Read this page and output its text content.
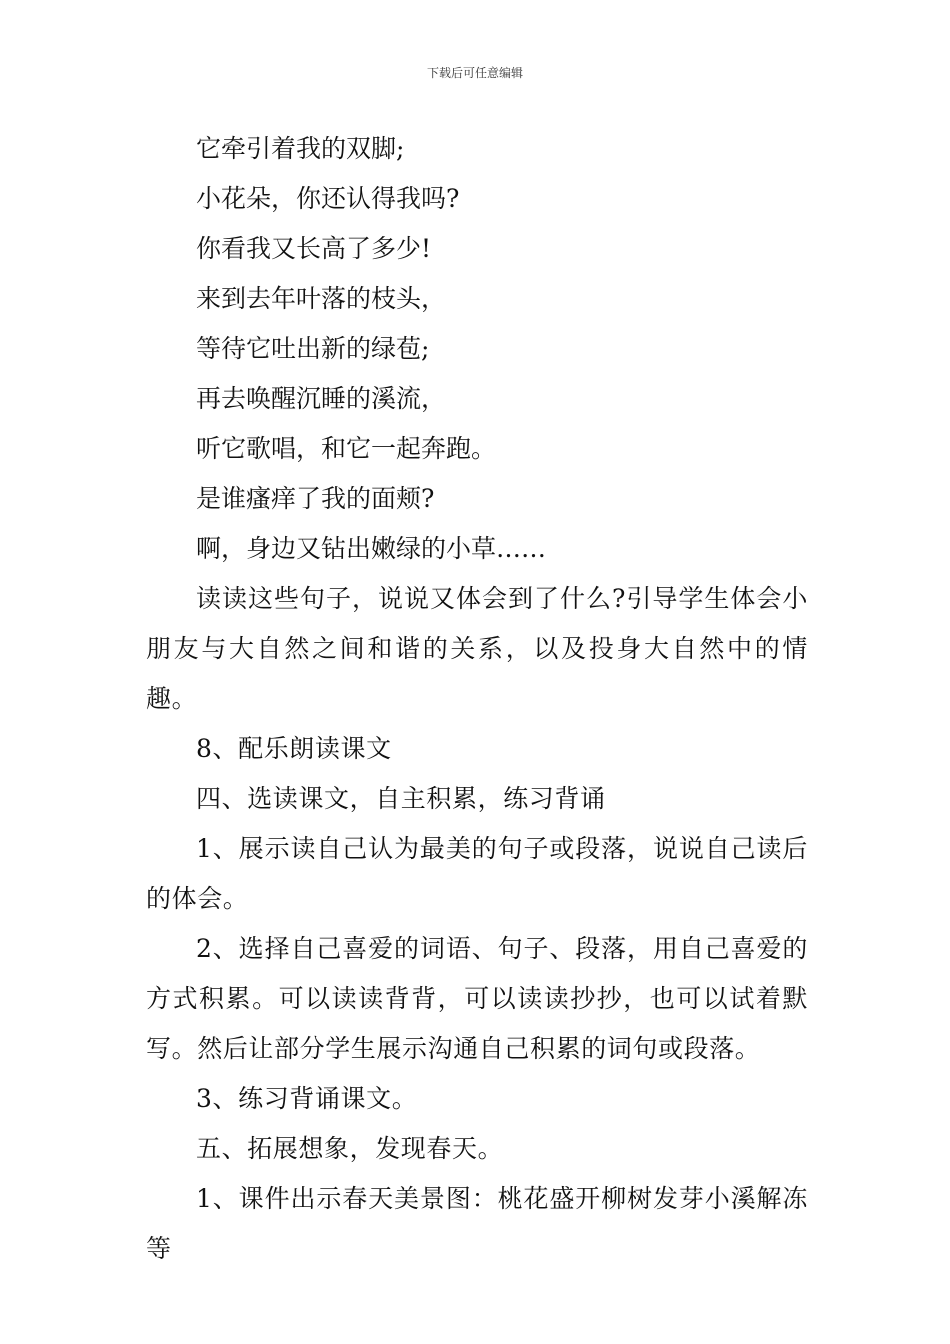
下载后可任意编辑
它牵引着我的双脚;
小花朵，你还认得我吗?
你看我又长高了多少!
来到去年叶落的枝头，
等待它吐出新的绿苞;
再去唤醒沉睡的溪流，
听它歌唱，和它一起奔跑。
是谁瘙痒了我的面颊?
啊，身边又钻出嫩绿的小草……
读读这些句子，说说又体会到了什么?引导学生体会小朋友与大自然之间和谐的关系，以及投身大自然中的情趣。
8、配乐朗读课文
四、选读课文，自主积累，练习背诵
1、展示读自己认为最美的句子或段落，说说自己读后的体会。
2、选择自己喜爱的词语、句子、段落，用自己喜爱的方式积累。可以读读背背，可以读读抄抄，也可以试着默写。然后让部分学生展示沟通自己积累的词句或段落。
3、练习背诵课文。
五、拓展想象，发现春天。
1、课件出示春天美景图：桃花盛开柳树发芽小溪解冻等
